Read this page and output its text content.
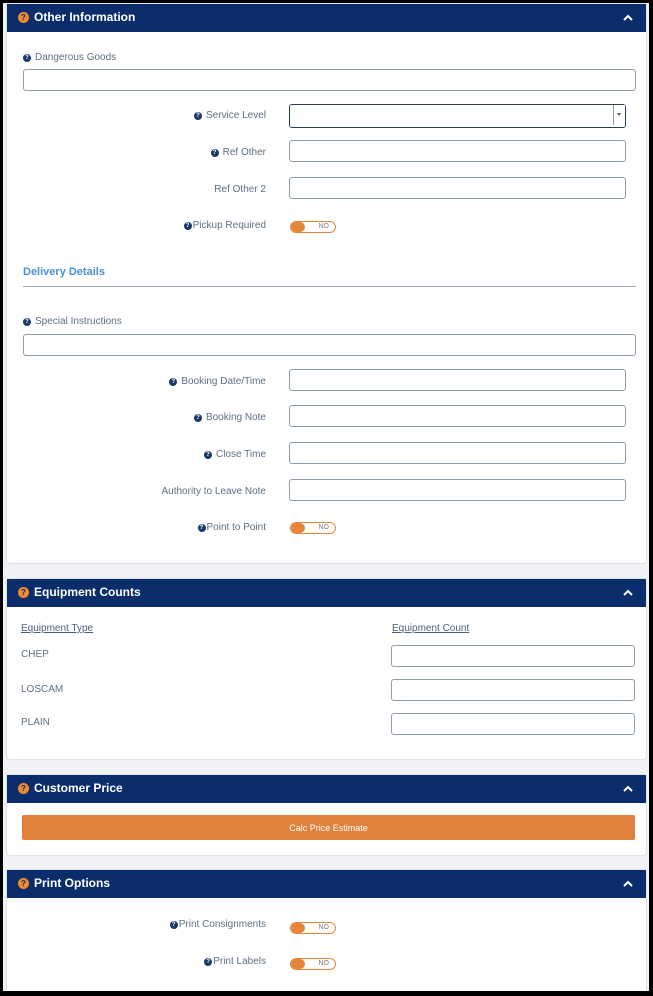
? Other Information
? Dangerous Goods
? Service Level
? Ref Other
Ref Other 2
? Pickup Required	NO
Delivery Details
? Special Instructions
? Booking Date/Time
? Booking Note
? Close Time
Authority to Leave Note
? Point to Point	NO
? Equipment Counts
Equipment Type	Equipment Count
CHEP
LOSCAM
PLAIN
? Customer Price
Calc Price Estimate
? Print Options
? Print Consignments	NO
? Print Labels	NO
